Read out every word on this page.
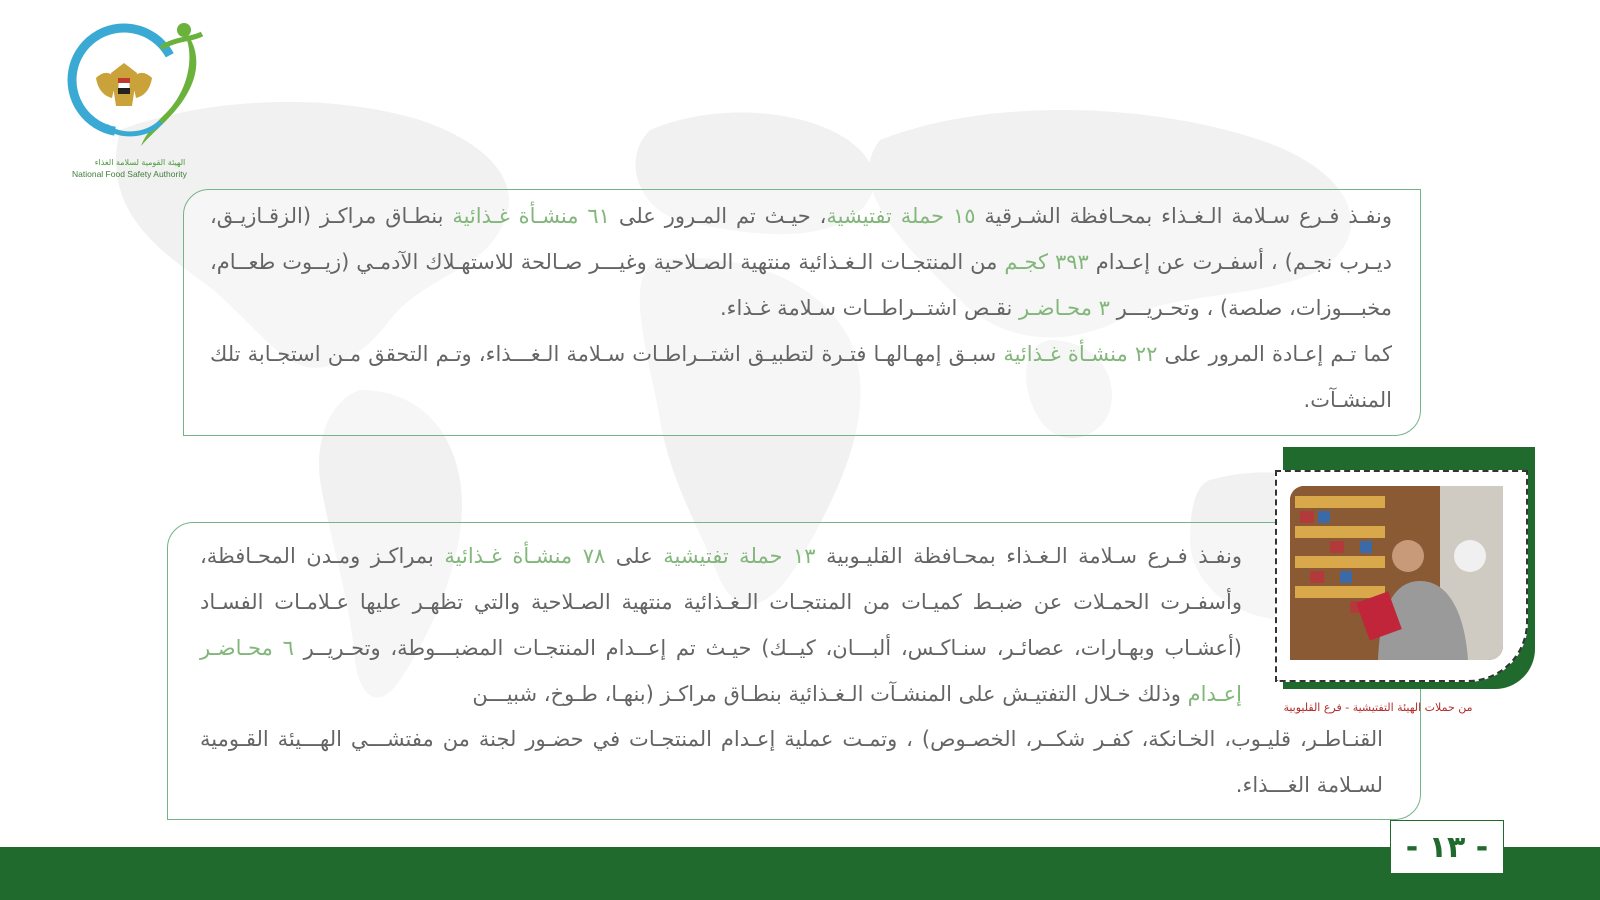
NFSA
الهيئة القومية لسلامة الغذاء
National Food Safety Authority

ونفـذ فـرع سـلامة الـغـذاء بمحـافظة الشـرقية ١٥ حملة تفتيشية، حيـث تم المـرور على ٦١ منشـأة غـذائية بنطـاق مراكـز (الزقـازيـق، ديـرب نجـم) ، أسفـرت عن إعـدام ٣٩٣ كجـم من المنتجـات الـغـذائية منتهية الصـلاحية وغيـــر صـالحة للاستهـلاك الآدمـي (زيــوت طعــام، مخبـــوزات، صلصة) ، وتحـريـــر ٣ محـاضـر نقـص اشتــراطــات سـلامة غـذاء.

كما تـم إعـادة المرور على ٢٢ منشـأة غـذائية سبـق إمهـالهـا فتـرة لتطبيـق اشتــراطـات سـلامة الـغـــذاء، وتـم التحقق مـن استجـابة تلك المنشـآت.

ونفـذ فـرع سـلامة الـغـذاء بمحـافظة القليـوبية ١٣ حملة تفتيشية على ٧٨ منشـأة غـذائية بمراكـز ومـدن المحـافظة، وأسفـرت الحمـلات عن ضبـط كميـات من المنتجـات الـغـذائية منتهية الصـلاحية والتي تظهـر عليها عـلامـات الفسـاد (أعشـاب وبهـارات، عصائـر، سنـاكـس، ألبـــان، كيــك) حيـث تم إعــدام المنتجـات المضبـــوطة، وتحـريــر ٦ محـاضـر إعـدام وذلك خـلال التفتيـش على المنشـآت الـغـذائية بنطـاق مراكـز (بنهـا، طـوخ، شبيـــن

القنـاطـر، قليـوب، الخـانكة، كفـر شكــر، الخصـوص) ، وتمـت عملية إعـدام المنتجـات في حضـور لجنة من مفتشـــي الهـــيئة القـومية لسـلامة الغـــذاء.

من حملات الهيئة التفتيشية - فرع القليوبية
- ١٣ -
